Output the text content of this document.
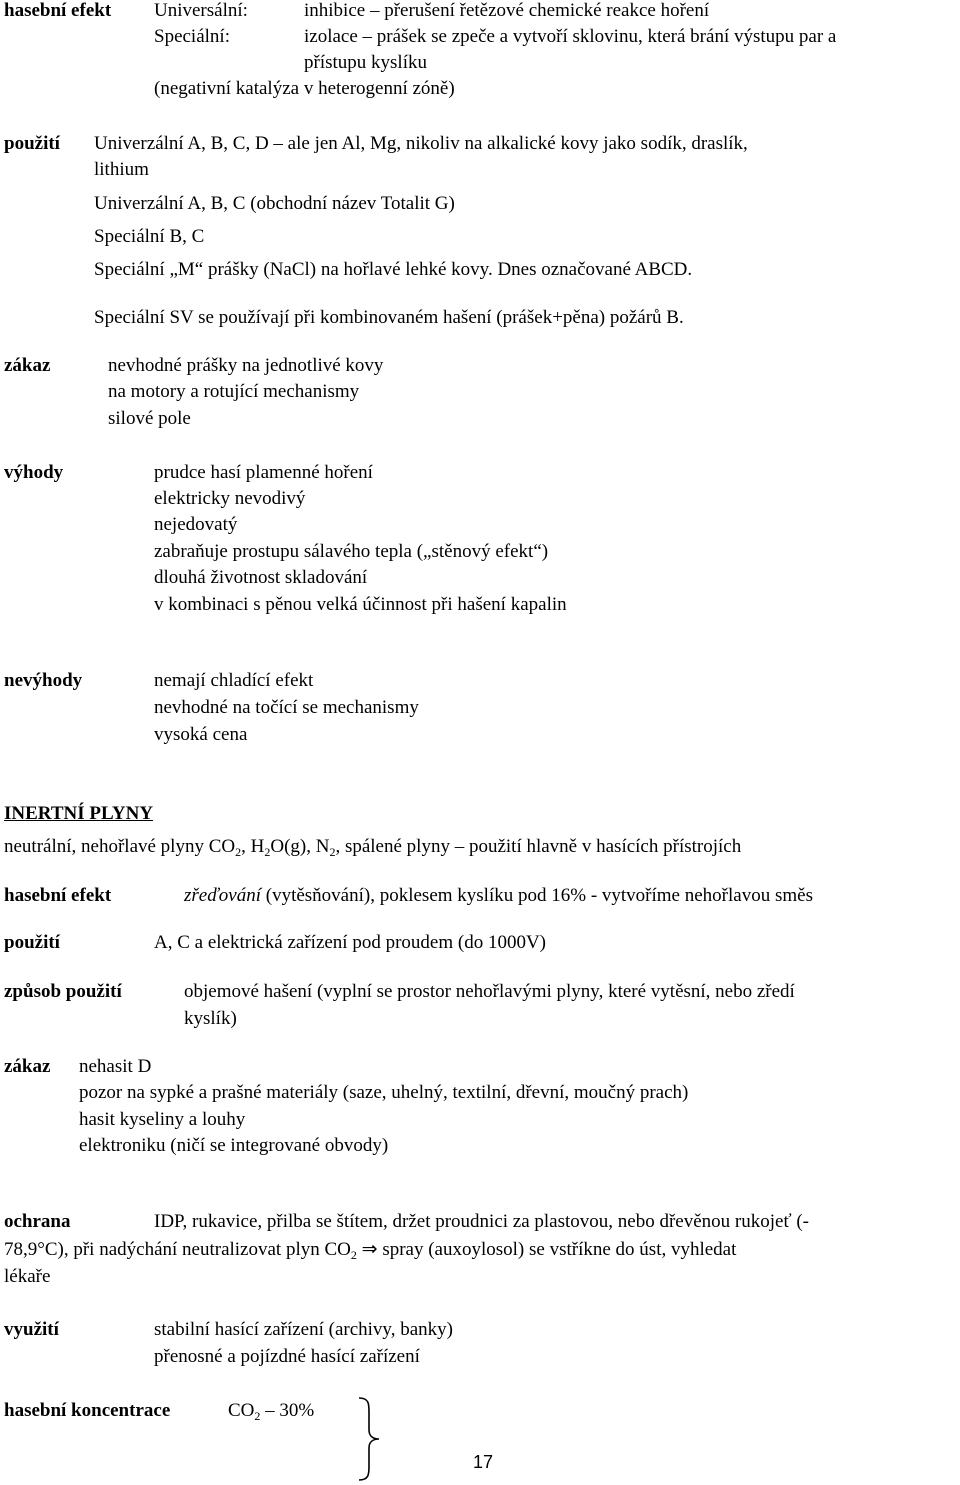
hasební efekt Universální:	inhibice – přerušení řetězové chemické reakce hoření
Speciální:	izolace – prášek se zpeče a vytvoří sklovinu, která brání výstupu par a
přístupu kyslíku
(negativní katalýza v heterogenní zóně)
použití Univerzální A, B, C, D – ale jen Al, Mg, nikoliv na alkalické kovy jako sodík, draslík,
lithium
Univerzální A, B, C (obchodní název Totalit G)
Speciální B, C
Speciální „M“ prášky (NaCl) na hořlavé lehké kovy. Dnes označované ABCD.
Speciální SV se používají při kombinovaném hašení (prášek+pěna) požárů B.
zákaz	nevhodné prášky na jednotlivé kovy
na motory a rotující mechanismy
silové pole
výhody	prudce hasí plamenné hoření
elektricky nevodivý
nejedovatý
zabraňuje prostupu sálavého tepla („stěnový efekt“)
dlouhá životnost skladování
v kombinaci s pěnou velká účinnost při hašení kapalin
nevýhody	nemají chladící efekt
nevhodné na točící se mechanismy
vysoká cena
INERTNÍ PLYNY
neutrální, nehořlavé plyny $CO_2$, $H_2O(g)$, $N_2$, spálené plyny – použití hlavně v hasících přístrojích
hasební efekt	zřeďování (vytěsňování), poklesem kyslíku pod 16% - vytvoříme nehořlavou směs
použití	A, C a elektrická zařízení pod proudem (do 1000V)
způsob použití	objemové hašení (vyplní se prostor nehořlavými plyny, které vytěsní, nebo zředí
kyslík)
zákaz nehasit D
pozor na sypké a prašné materiály (saze, uhelný, textilní, dřevní, moučný prach)
hasit kyseliny a louhy
elektroniku (ničí se integrované obvody)
ochrana	IDP, rukavice, přilba se štítem, držet proudnici za plastovou, nebo dřevěnou rukojeť (-
78,9°C), při nadýchání neutralizovat plyn $CO_2$ ⇒ spray (auxoylosol) se vstříkne do úst, vyhledat
lékaře
využití	stabilní hasící zařízení (archivy, banky)
přenosné a pojízdné hasící zařízení
hasební koncentrace	$CO_2 - 30\%$
17
